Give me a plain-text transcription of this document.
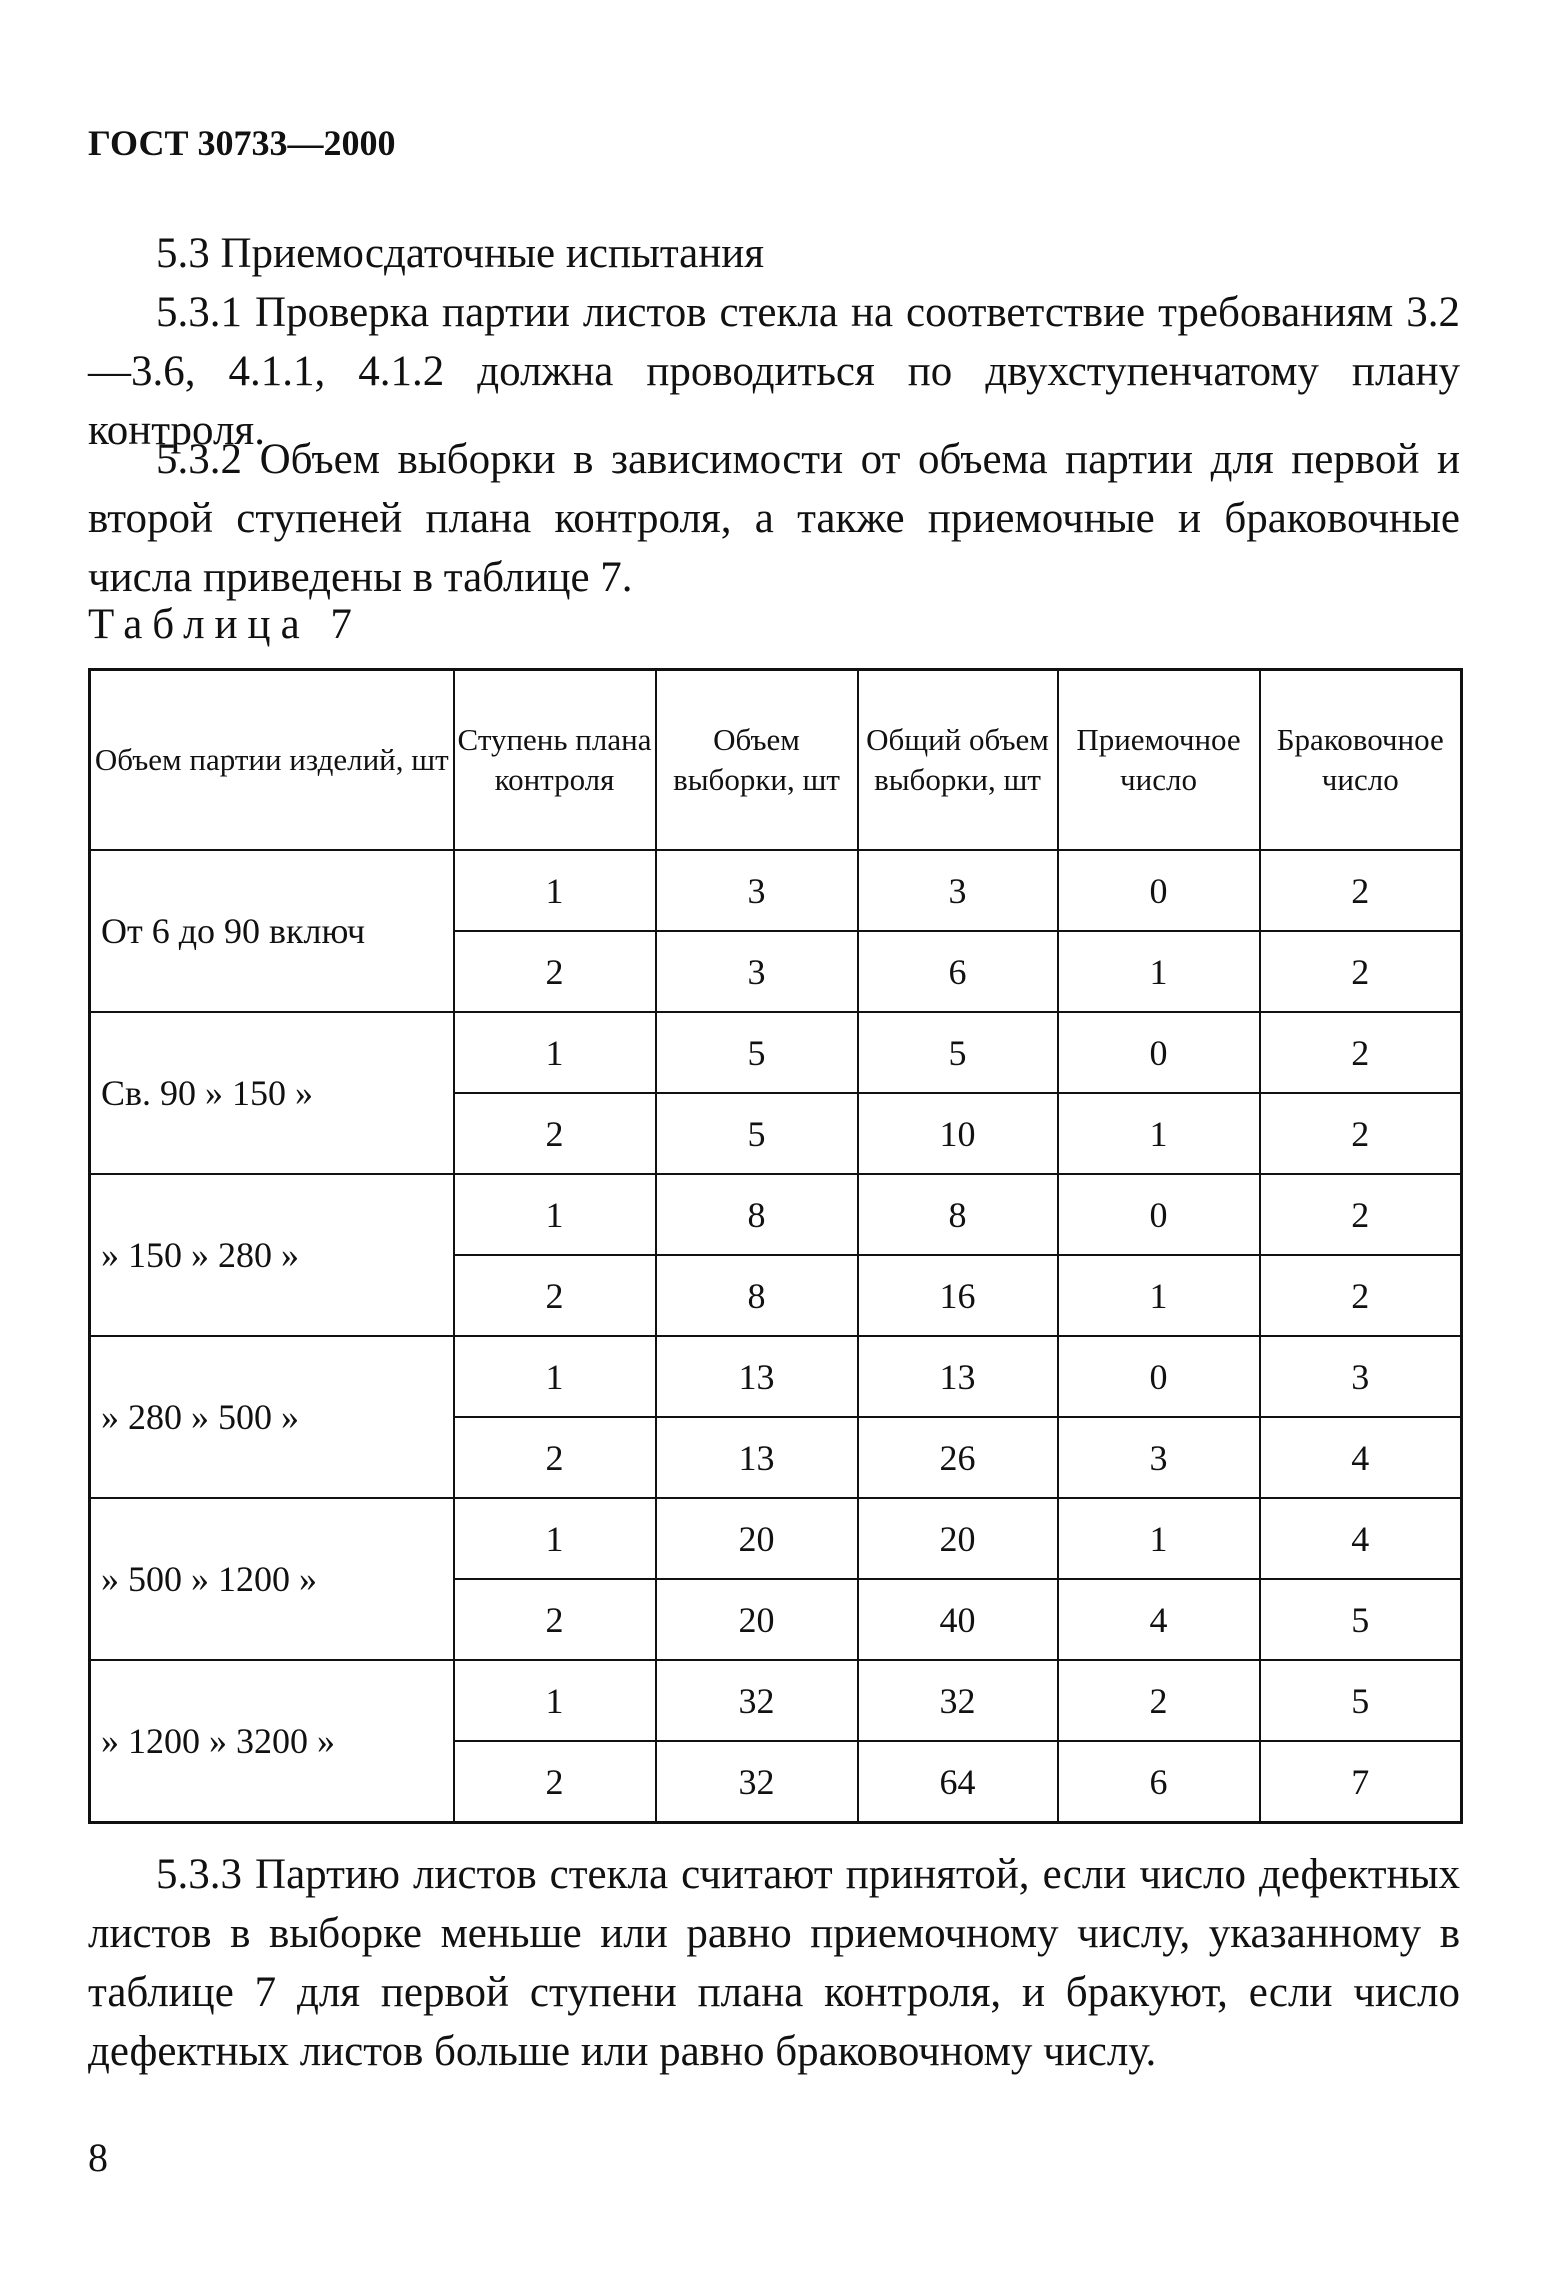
ГОСТ 30733—2000

5.3 Приемосдаточные испытания

5.3.1 Проверка партии листов стекла на соответствие требованиям 3.2—3.6, 4.1.1, 4.1.2 должна проводиться по двухступенчатому плану контроля.

5.3.2 Объем выборки в зависимости от объема партии для первой и второй ступеней плана контроля, а также приемочные и браковочные числа приведены в таблице 7.

Таблица 7
Объем партии изделий, шт	Ступень плана контроля	Объем выборки, шт	Общий объем выборки, шт	Приемочное число	Браковочное число
От 6 до 90 включ	1	3	3	0	2
	2	3	6	1	2
Св. 90 » 150 »	1	5	5	0	2
	2	5	10	1	2
» 150 » 280 »	1	8	8	0	2
	2	8	16	1	2
» 280 » 500 »	1	13	13	0	3
	2	13	26	3	4
» 500 » 1200 »	1	20	20	1	4
	2	20	40	4	5
» 1200 » 3200 »	1	32	32	2	5
	2	32	64	6	7

5.3.3 Партию листов стекла считают принятой, если число дефектных листов в выборке меньше или равно приемочному числу, указанному в таблице 7 для первой ступени плана контроля, и бракуют, если число дефектных листов больше или равно браковочному числу.

8
